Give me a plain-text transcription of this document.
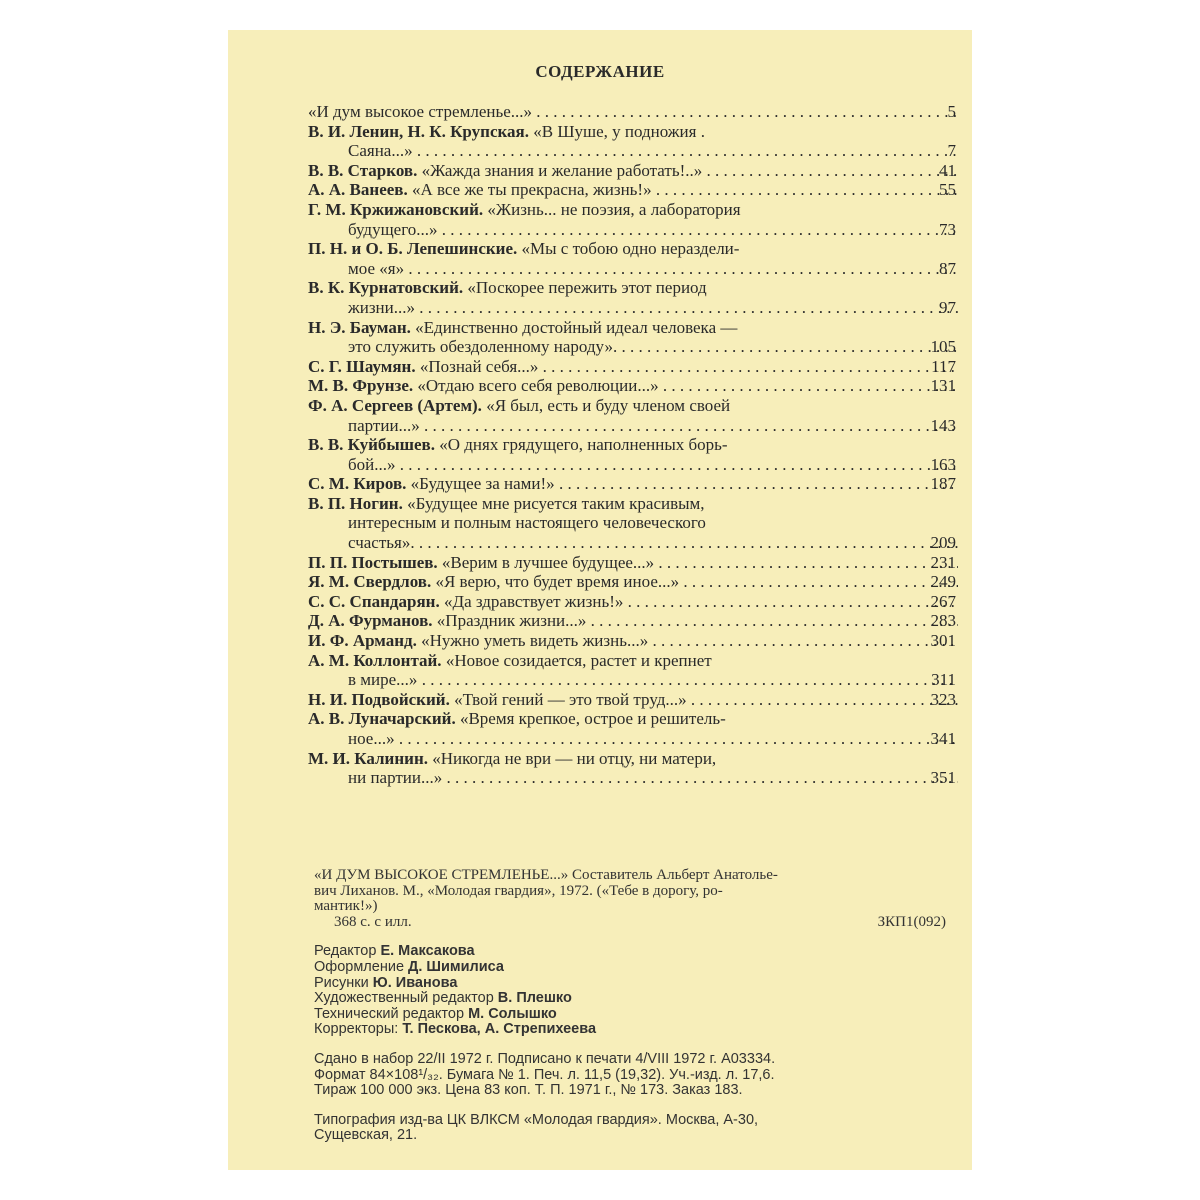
СОДЕРЖАНИЕ
«И дум высокое стремленье...» . . .	5
В. И. Ленин, Н. К. Крупская. «В Шуше, у подножия .
Саяна...» . . .	7
В. В. Старков. «Жажда знания и желание работать!..» . . .	41
А. А. Ванеев. «А все же ты прекрасна, жизнь!» . . .	55
Г. М. Кржижановский. «Жизнь... не поэзия, а лаборатория
будущего...» . . .	73
П. Н. и О. Б. Лепешинские. «Мы с тобою одно нераздели-
мое «я» . . .	87
В. К. Курнатовский. «Поскорее пережить этот период
жизни...» . . .	97
Н. Э. Бауман. «Единственно достойный идеал человека —
это служить обездоленному народу». . . .	105
С. Г. Шаумян. «Познай себя...» . . .	117
М. В. Фрунзе. «Отдаю всего себя революции...» . . .	131
Ф. А. Сергеев (Артем). «Я был, есть и буду членом своей
партии...» . . .	143
В. В. Куйбышев. «О днях грядущего, наполненных борь-
бой...» . . .	163
С. М. Киров. «Будущее за нами!» . . .	187
В. П. Ногин. «Будущее мне рисуется таким красивым,
интересным и полным настоящего человеческого
счастья». . . .	209
П. П. Постышев. «Верим в лучшее будущее...» . . .	231
Я. М. Свердлов. «Я верю, что будет время иное...» . . .	249
С. С. Спандарян. «Да здравствует жизнь!» . . .	267
Д. А. Фурманов. «Праздник жизни...» . . .	283
И. Ф. Арманд. «Нужно уметь видеть жизнь...» . . .	301
А. М. Коллонтай. «Новое созидается, растет и крепнет
в мире...» . . .	311
Н. И. Подвойский. «Твой гений — это твой труд...» . . .	323
А. В. Луначарский. «Время крепкое, острое и решитель-
ное...» . . .	341
М. И. Калинин. «Никогда не ври — ни отцу, ни матери,
ни партии...» . . .	351
«И ДУМ ВЫСОКОЕ СТРЕМЛЕНЬЕ...» Составитель Альберт Анатолье-
вич Лиханов. М., «Молодая гвардия», 1972. («Тебе в дорогу, ро-
мантик!»)
368 с. с илл.	ЗКП1(092)
Редактор Е. Максакова
Оформление Д. Шимилиса
Рисунки Ю. Иванова
Художественный редактор В. Плешко
Технический редактор М. Солышко
Корректоры: Т. Пескова, А. Стрепихеева
Сдано в набор 22/II 1972 г. Подписано к печати 4/VIII 1972 г. А03334.
Формат 84×108¹/₃₂. Бумага № 1. Печ. л. 11,5 (19,32). Уч.-изд. л. 17,6.
Тираж 100 000 экз. Цена 83 коп. Т. П. 1971 г., № 173. Заказ 183.
Типография изд-ва ЦК ВЛКСМ «Молодая гвардия». Москва, А-30,
Сущевская, 21.
